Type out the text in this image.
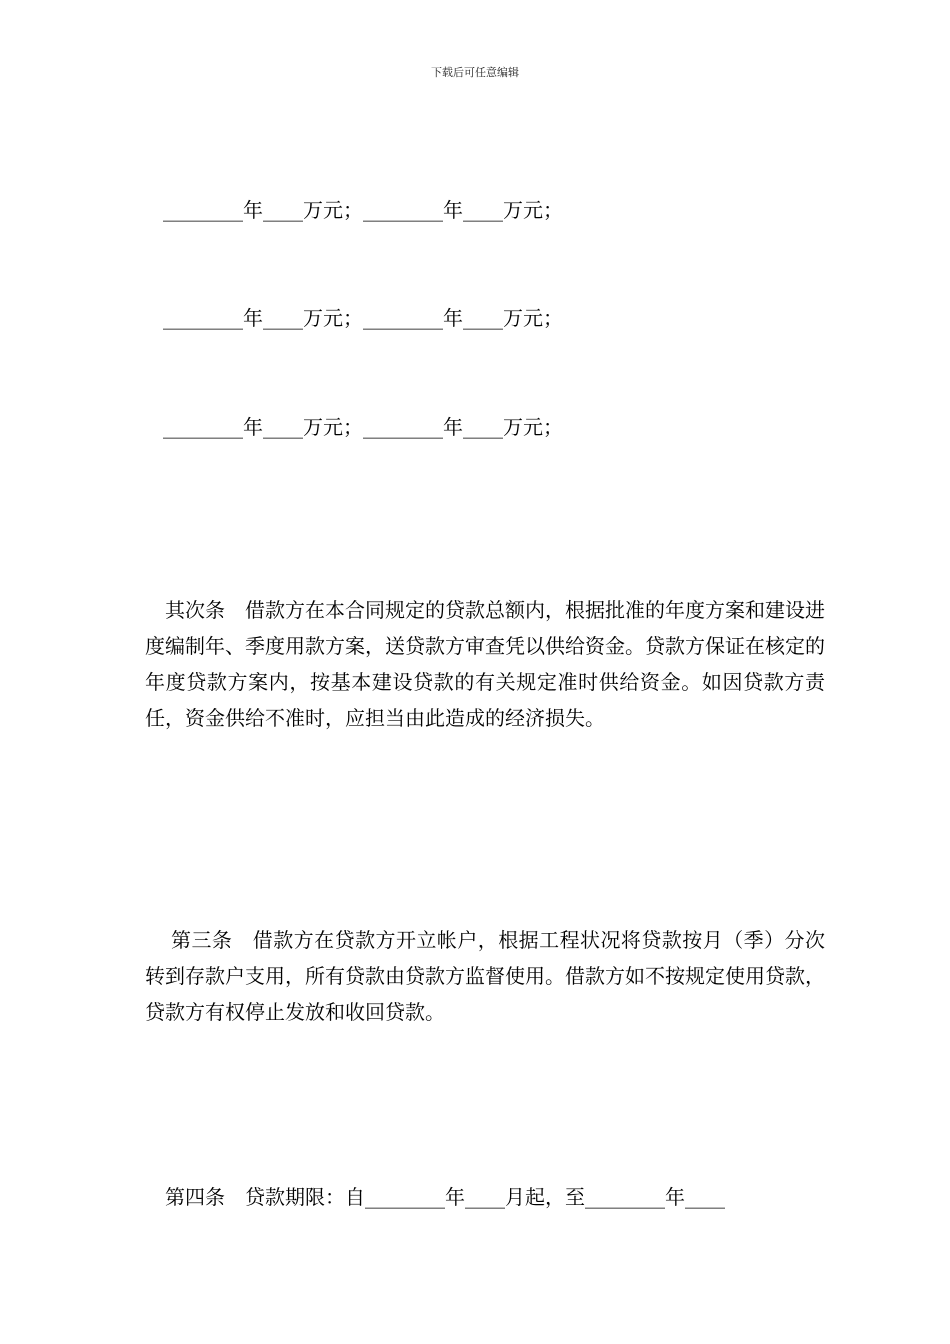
下载后可任意编辑
________年____万元；________年____万元；
________年____万元；________年____万元；
________年____万元；________年____万元；
其次条　借款方在本合同规定的贷款总额内，根据批准的年度方案和建设进度编制年、季度用款方案，送贷款方审查凭以供给资金。贷款方保证在核定的年度贷款方案内，按基本建设贷款的有关规定准时供给资金。如因贷款方责任，资金供给不准时，应担当由此造成的经济损失。
第三条　借款方在贷款方开立帐户，根据工程状况将贷款按月（季）分次转到存款户支用，所有贷款由贷款方监督使用。借款方如不按规定使用贷款，贷款方有权停止发放和收回贷款。
第四条　贷款期限：自________年____月起，至________年____
